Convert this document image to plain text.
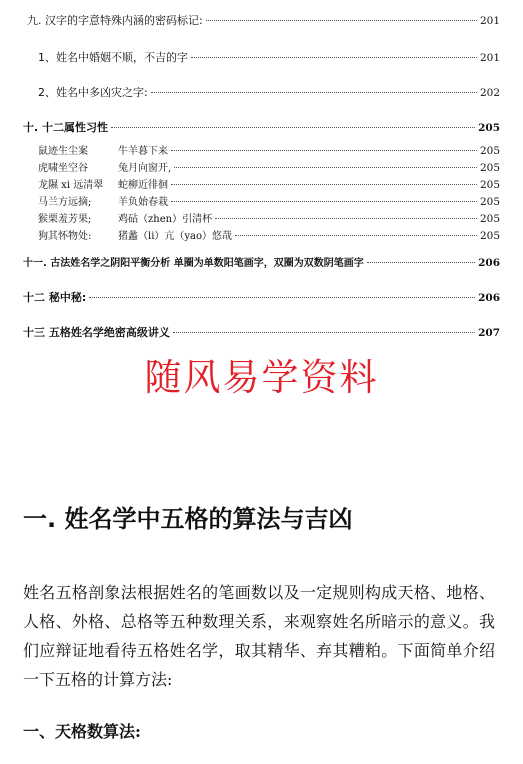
九. 汉字的字意特殊内涵的密码标记:	201
1、姓名中婚姻不顺，不吉的字	201
2、姓名中多凶灾之字:	202
十. 十二属性习性	205
鼠迹生尘案	牛羊暮下来	205
虎啸坐空谷	兔月向窗开,	205
龙隰 xi 远清翠	蛇柳近徘徊	205
马兰方远摘;	羊负始春栽	205
猴栗羞芳果;	鸡砧（zhen）引清杯	205
狗其怀物处:	猪蠡（li）亢（yao）悠哉	205
十一. 古法姓名学之阴阳平衡分析 单圈为单数阳笔画字，双圈为双数阴笔画字	206
十二 秘中秘:	206
十三 五格姓名学绝密高级讲义	207
随风易学资料
一. 姓名学中五格的算法与吉凶
姓名五格剖象法根据姓名的笔画数以及一定规则构成天格、地格、人格、外格、总格等五种数理关系，来观察姓名所暗示的意义。我们应辩证地看待五格姓名学，取其精华、弃其糟粕。下面简单介绍一下五格的计算方法:
一、天格数算法:
